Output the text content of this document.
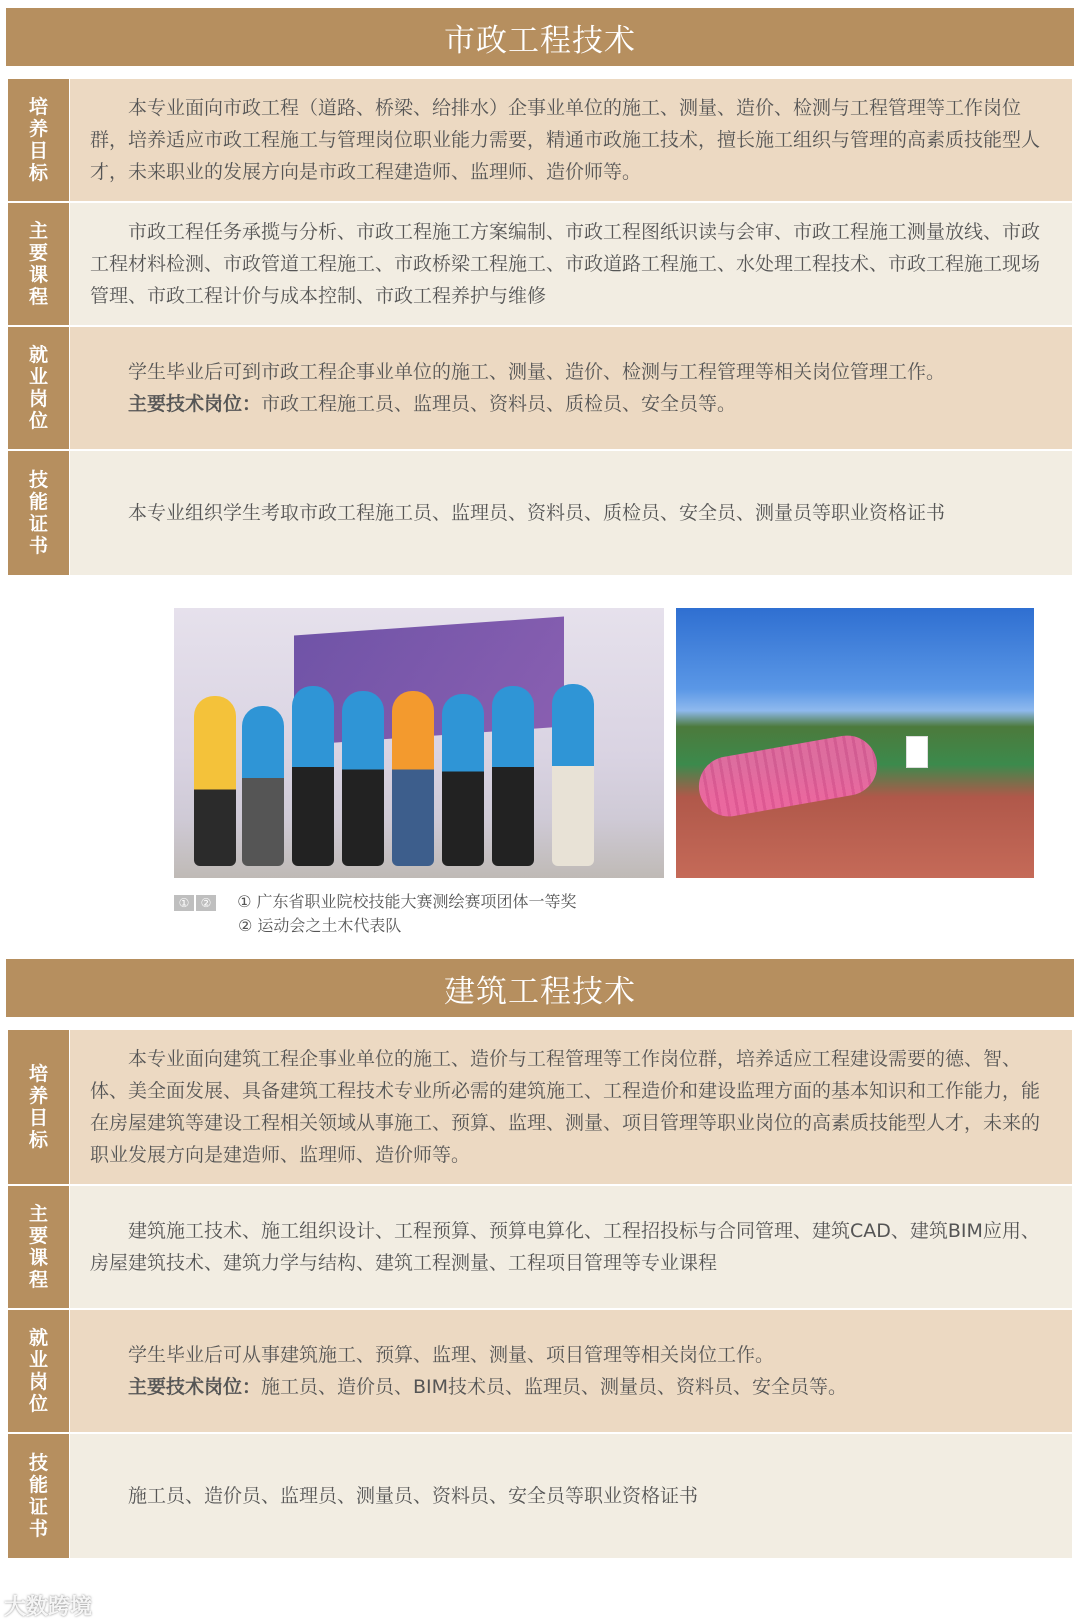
市政工程技术
培养目标

本专业面向市政工程（道路、桥梁、给排水）企事业单位的施工、测量、造价、检测与工程管理等工作岗位群，培养适应市政工程施工与管理岗位职业能力需要，精通市政施工技术，擅长施工组织与管理的高素质技能型人才，未来职业的发展方向是市政工程建造师、监理师、造价师等。

主要课程

市政工程任务承揽与分析、市政工程施工方案编制、市政工程图纸识读与会审、市政工程施工测量放线、市政工程材料检测、市政管道工程施工、市政桥梁工程施工、市政道路工程施工、水处理工程技术、市政工程施工现场管理、市政工程计价与成本控制、市政工程养护与维修

就业岗位

学生毕业后可到市政工程企事业单位的施工、测量、造价、检测与工程管理等相关岗位管理工作。

主要技术岗位：市政工程施工员、监理员、资料员、质检员、安全员等。

技能证书

本专业组织学生考取市政工程施工员、监理员、资料员、质检员、安全员、测量员等职业资格证书

① ② ① 广东省职业院校技能大赛测绘赛项团体一等奖
② 运动会之土木代表队
建筑工程技术
培养目标

本专业面向建筑工程企事业单位的施工、造价与工程管理等工作岗位群，培养适应工程建设需要的德、智、体、美全面发展、具备建筑工程技术专业所必需的建筑施工、工程造价和建设监理方面的基本知识和工作能力，能在房屋建筑等建设工程相关领域从事施工、预算、监理、测量、项目管理等职业岗位的高素质技能型人才，未来的职业发展方向是建造师、监理师、造价师等。

主要课程

建筑施工技术、施工组织设计、工程预算、预算电算化、工程招投标与合同管理、建筑CAD、建筑BIM应用、房屋建筑技术、建筑力学与结构、建筑工程测量、工程项目管理等专业课程

就业岗位

学生毕业后可从事建筑施工、预算、监理、测量、项目管理等相关岗位工作。

主要技术岗位：施工员、造价员、BIM技术员、监理员、测量员、资料员、安全员等。

技能证书

施工员、造价员、监理员、测量员、资料员、安全员等职业资格证书

大数跨境
